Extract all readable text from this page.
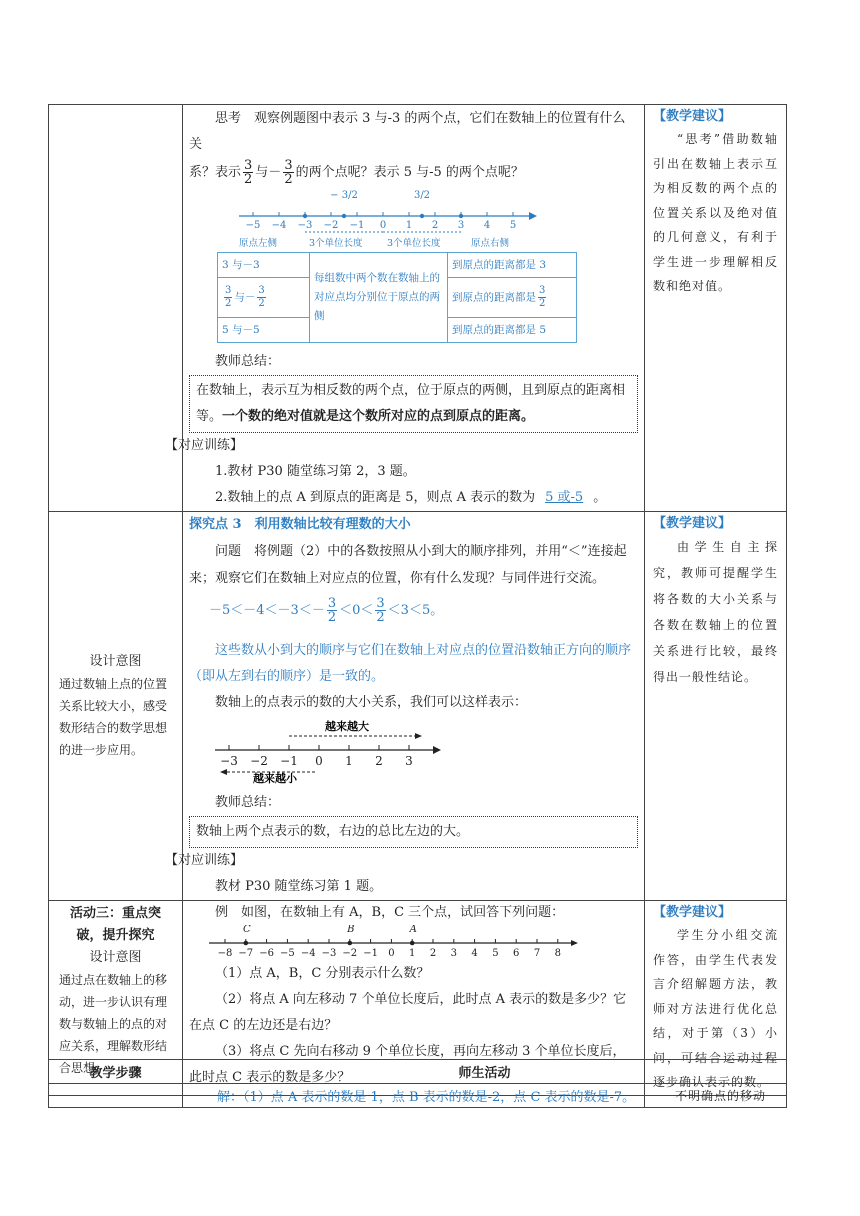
思考　 观察例题图中表示 3 与-3 的两个点，它们在数轴上的位置有什么关

系？表示 $\frac{3}{2}$ 与－ $\frac{3}{2}$ 的两个点呢？表示 5 与-5 的两个点呢？

−5 −4 −3 −2 −1 0 1 2 3 4 5
− 3/2	3/2
原点左侧	3个单位长度	3个单位长度	原点右侧
3 与－3	每组数中两个数在数轴上的对应点均分别位于原点的两侧	到原点的距离都是 3

$\frac{3}{2}$ 与－ $\frac{3}{2}$	到原点的距离都是 $\frac{3}{2}$

5 与－5	到原点的距离都是 5

教师总结：

在数轴上，表示互为相反数的两个点，位于原点的两侧，且到原点的距离相等。一个数的绝对值就是这个数所对应的点到原点的距离。

【对应训练】

1.教材 P30 随堂练习第 2，3 题。

2.数轴上的点 A 到原点的距离是 5，则点 A 表示的数为 5 或-5 。

【教学建议】
“思考”借助数轴引出在数轴上表示互为相反数的两个点的位置关系以及绝对值的几何意义，有利于学生进一步理解相反数和绝对值。

设计意图
通过数轴上点的位置关系比较大小，感受数形结合的数学思想的进一步应用。

探究点 3　利用数轴比较有理数的大小

问题　将例题（2）中的各数按照从小到大的顺序排列，并用“＜”连接起来；观察它们在数轴上对应点的位置，你有什么发现？与同伴进行交流。

$-5<-4<-3<- \frac{3}{2} <0< \frac{3}{2} <3<5$。

这些数从小到大的顺序与它们在数轴上对应点的位置沿数轴正方向的顺序（即从左到右的顺序）是一致的。

数轴上的点表示的数的大小关系，我们可以这样表示：

−3 −2 −1 0 1 2 3
越来越大
越来越小

教师总结：

数轴上两个点表示的数，右边的总比左边的大。

【对应训练】

教材 P30 随堂练习第 1 题。

【教学建议】
由学生自主探究，教师可提醒学生将各数的大小关系与各数在数轴上的位置关系进行比较，最终得出一般性结论。

活动三：重点突破，提升探究
设计意图
通过点在数轴上的移动，进一步认识有理数与数轴上的点的对应关系，理解数形结合思想。

例　如图，在数轴上有 A，B，C 三个点，试回答下列问题：

−8 −7 −6 −5 −4 −3 −2 −1 0 1 2 3 4 5 6 7 8
C	B	A

（1）点 A，B，C 分别表示什么数？

（2）将点 A 向左移动 7 个单位长度后，此时点 A 表示的数是多少？它在点 C 的左边还是右边？

（3）将点 C 先向右移动 9 个单位长度，再向左移动 3 个单位长度后，此时点 C 表示的数是多少？

【教学建议】
学生分小组交流作答，由学生代表发言介绍解题方法，教师对方法进行优化总结，对于第（3）小问，可结合运动过程逐步确认表示的数。
教学步骤	师生活动	
	解：（1）点 A 表示的数是 1，点 B 表示的数是-2，点 C 表示的数是-7。	不明确点的移动
